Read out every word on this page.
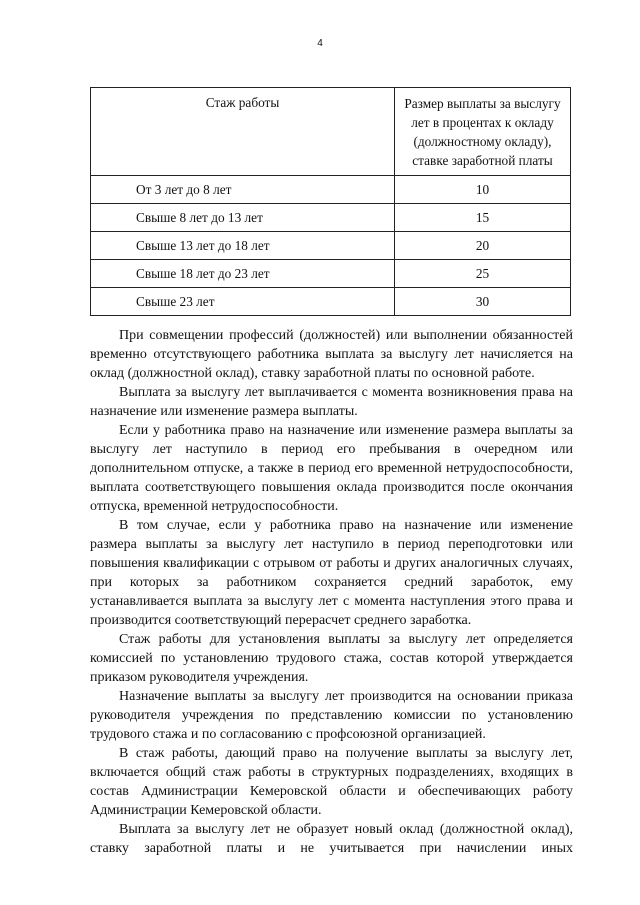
4
Стаж работы	Размер выплаты за выслугу лет в процентах к окладу (должностному окладу), ставке заработной платы
От 3 лет до 8 лет	10
Свыше 8 лет до 13 лет	15
Свыше 13 лет до 18 лет	20
Свыше 18 лет до 23 лет	25
Свыше 23 лет	30

При совмещении профессий (должностей) или выполнении обязанностей временно отсутствующего работника выплата за выслугу лет начисляется на оклад (должностной оклад), ставку заработной платы по основной работе.

Выплата за выслугу лет выплачивается с момента возникновения права на назначение или изменение размера выплаты.

Если у работника право на назначение или изменение размера выплаты за выслугу лет наступило в период его пребывания в очередном или дополнительном отпуске, а также в период его временной нетрудоспособности, выплата соответствующего повышения оклада производится после окончания отпуска, временной нетрудоспособности.

В том случае, если у работника право на назначение или изменение размера выплаты за выслугу лет наступило в период переподготовки или повышения квалификации с отрывом от работы и других аналогичных случаях, при которых за работником сохраняется средний заработок, ему устанавливается выплата за выслугу лет с момента наступления этого права и производится соответствующий перерасчет среднего заработка.

Стаж работы для установления выплаты за выслугу лет определяется комиссией по установлению трудового стажа, состав которой утверждается приказом руководителя учреждения.

Назначение выплаты за выслугу лет производится на основании приказа руководителя учреждения по представлению комиссии по установлению трудового стажа и по согласованию с профсоюзной организацией.

В стаж работы, дающий право на получение выплаты за выслугу лет, включается общий стаж работы в структурных подразделениях, входящих в состав Администрации Кемеровской области и обеспечивающих работу Администрации Кемеровской области.

Выплата за выслугу лет не образует новый оклад (должностной оклад), ставку заработной платы и не учитывается при начислении иных
